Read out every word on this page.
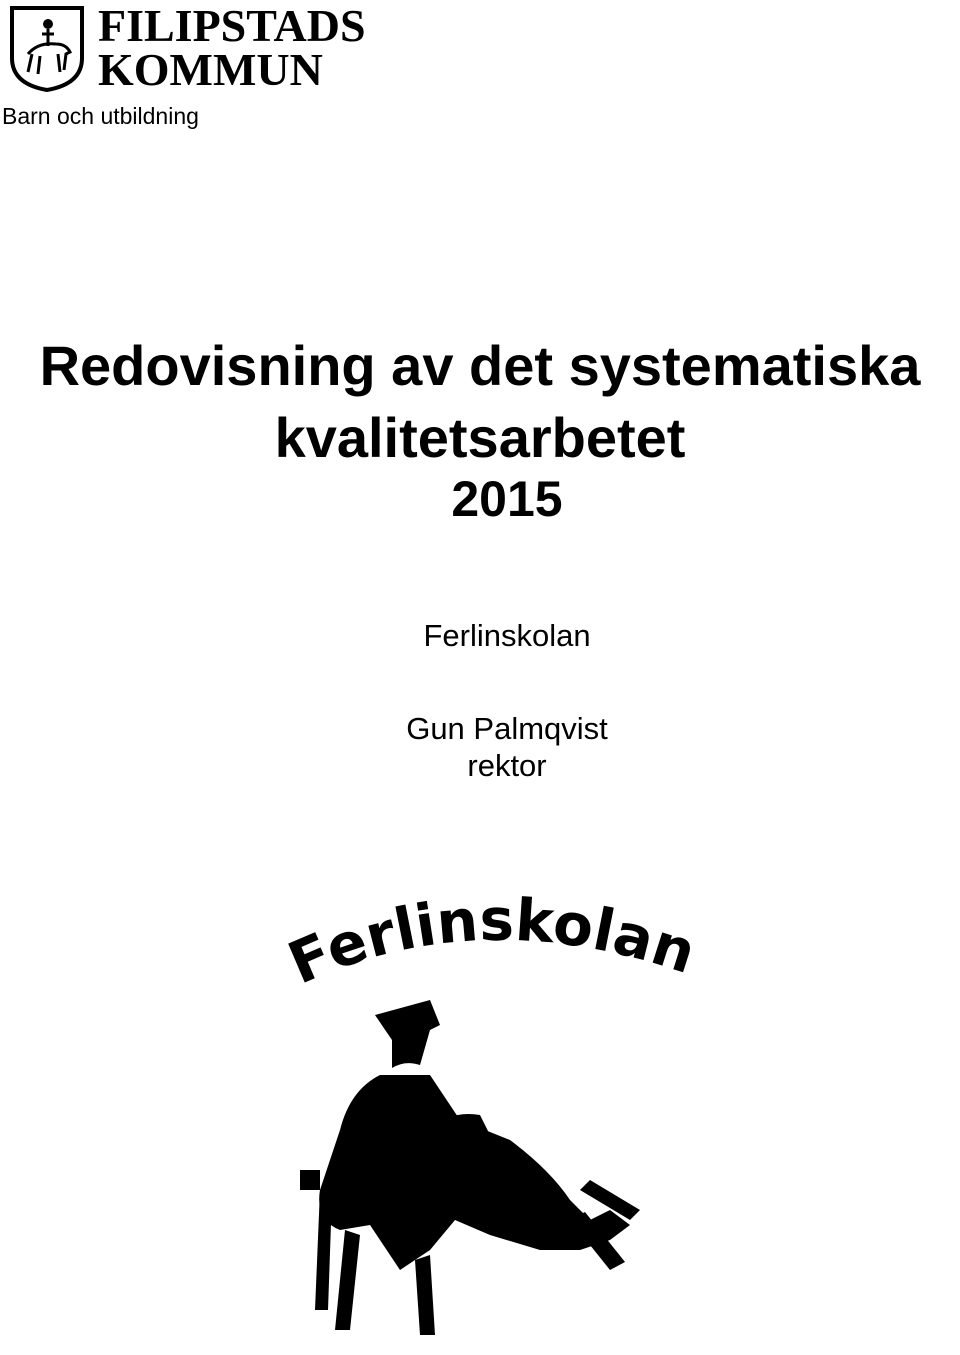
FILIPSTADS
KOMMUN
Barn och utbildning
Redovisning av det systematiska
kvalitetsarbetet
2015
Ferlinskolan
Gun Palmqvist
rektor
Ferlinskolan
